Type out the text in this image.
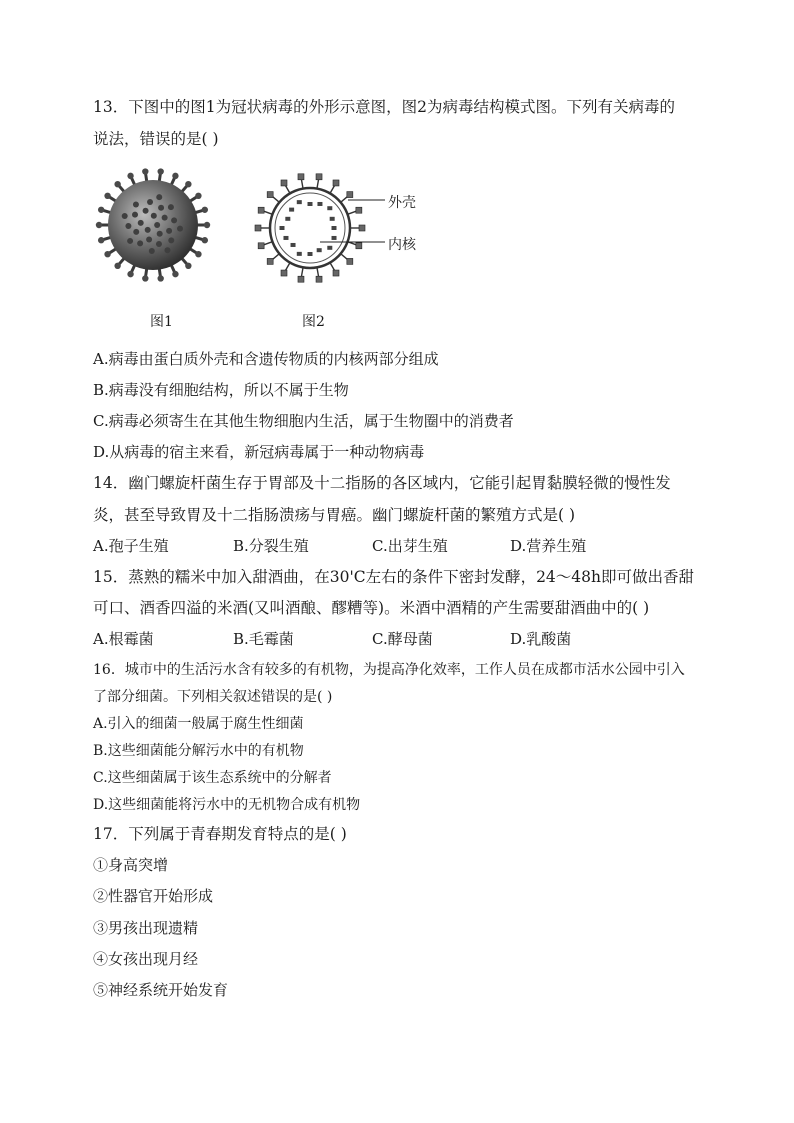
13．下图中的图1为冠状病毒的外形示意图，图2为病毒结构模式图。下列有关病毒的
说法，错误的是( )
图1
外壳
内核
图2
A.病毒由蛋白质外壳和含遗传物质的内核两部分组成
B.病毒没有细胞结构，所以不属于生物
C.病毒必须寄生在其他生物细胞内生活，属于生物圈中的消费者
D.从病毒的宿主来看，新冠病毒属于一种动物病毒
14．幽门螺旋杆菌生存于胃部及十二指肠的各区域内，它能引起胃黏膜轻微的慢性发
炎，甚至导致胃及十二指肠溃疡与胃癌。幽门螺旋杆菌的繁殖方式是( )
A.孢子生殖	B.分裂生殖	C.出芽生殖	D.营养生殖
15．蒸熟的糯米中加入甜酒曲，在30'C左右的条件下密封发酵，24～48h即可做出香甜
可口、酒香四溢的米酒(又叫酒酿、醪糟等)。米酒中酒精的产生需要甜酒曲中的( )
A.根霉菌	B.毛霉菌	C.酵母菌	D.乳酸菌
16．城市中的生活污水含有较多的有机物，为提高净化效率，工作人员在成都市活水公园中引入
了部分细菌。下列相关叙述错误的是( )
A.引入的细菌一般属于腐生性细菌
B.这些细菌能分解污水中的有机物
C.这些细菌属于该生态系统中的分解者
D.这些细菌能将污水中的无机物合成有机物
17．下列属于青春期发育特点的是( )
①身高突增
②性器官开始形成
③男孩出现遗精
④女孩出现月经
⑤神经系统开始发育
